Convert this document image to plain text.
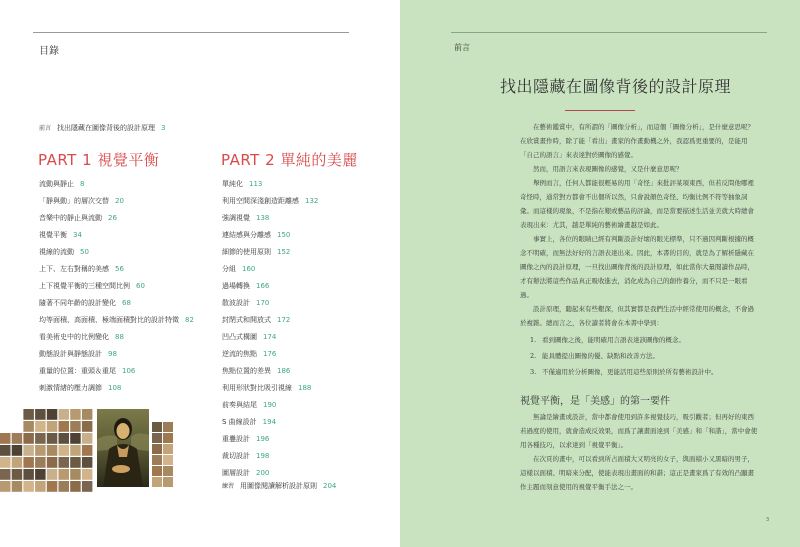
目錄
前言 找出隱藏在圖像背後的設計原理 3
PART 1 視覺平衡	PART 2 單純的美麗
流動與靜止 8
「靜與動」的層次交替 20
音樂中的靜止與流動 26
視覺平衡 34
視線的流動 50
上下、左右對稱的美感 56
上下視覺平衡的三種空間比例 60
隨著不同年齡的設計變化 68
均等面積、高面積、極端面積對比的設計特徵 82
看美術史中的比例變化 88
動態設計與靜態設計 98
重量的位置：重頭＆重尾 106
刺激情緒的壓力調節 108
單純化 113
利用空間深淺創造距離感 132
強調視覺 138
連結感與分離感 150
細節的使用原則 152
分組 160
過場轉換 166
散波設計 170
封閉式和開放式 172
凹凸式構圖 174
逆流的焦點 176
焦點位置的差異 186
利用形狀對比吸引視線 188
前奏與結尾 190
S 曲線設計 194
重疊設計 196
裁切設計 198
圖層設計 200
練習 用圖像閱讀解析設計原則 204
前言
找出隱藏在圖像背後的設計原理

在藝術鑑賞中，有所謂的「圖像分析」，而這個「圖像分析」，是什麼意思呢？在欣賞畫作時，除了能「看出」畫家的作畫動機之外，我認爲更重要的，是能用「自己的語言」來表達對於圖像的感覺。

然而，用語言來表現圖像的感覺，又是什麼意思呢？

舉例而言，任何人都能很輕易的用「奇怪」來批評某項東西，但若反問他哪裡奇怪時，通常對方都會不出個所以然，只會說顏色奇怪、均衡比例不符等抽象詞彙。而這樣的現象，不是指在艱或藝品的評論，而是當要描述生活並美就大時總會表現出來：尤其，越是單純的藝術繪畫越是如此。

事實上，各位的眼睛已經有判斷設計好壞的眼光標準，只不過因判斷根據的概念不明確，而無法好好的言語表達出來。因此，本書的目的，就是為了解析隱藏在圖像之內的設計原理，一旦找出圖像背後的設計原理，如此當你大量閱讀作品時，才有辦法將這些作品真正吸收進去，消化成為自己的創作養分，而不只是一眼看過。

設計原理，聽起來有些艱深，但其實都是我們生活中經常使用的概念，不會過於複雜。總而言之，各位讀者將會在本書中學到：

1. 看到圖像之後，能明確用言語表達該圖像的概念。
2. 能具體提出圖像的優、缺點和改善方法。
3. 不僅適用於分析圖像，更能活用這些原則於所有藝術設計中。
視覺平衡，是「美感」的第一要件

無論是繪畫或設計，當中都會使用到許多視覺技巧，吸引觀者；但再好的東西若過度的使用，就會造成反效果，而爲了讓畫面達到「美感」和「和諧」，當中會使用各種技巧，以求達到「視覺平衡」。

在次頁的畫中，可以看到所占面積大又明亮的女子，與面積小又黑暗的男子，這樣以面積、明暗來分配，使能表現出畫面的和諧；這正是畫家爲了有效的凸顯畫作主題而刻意使用的視覺平衡手法之一。

3
